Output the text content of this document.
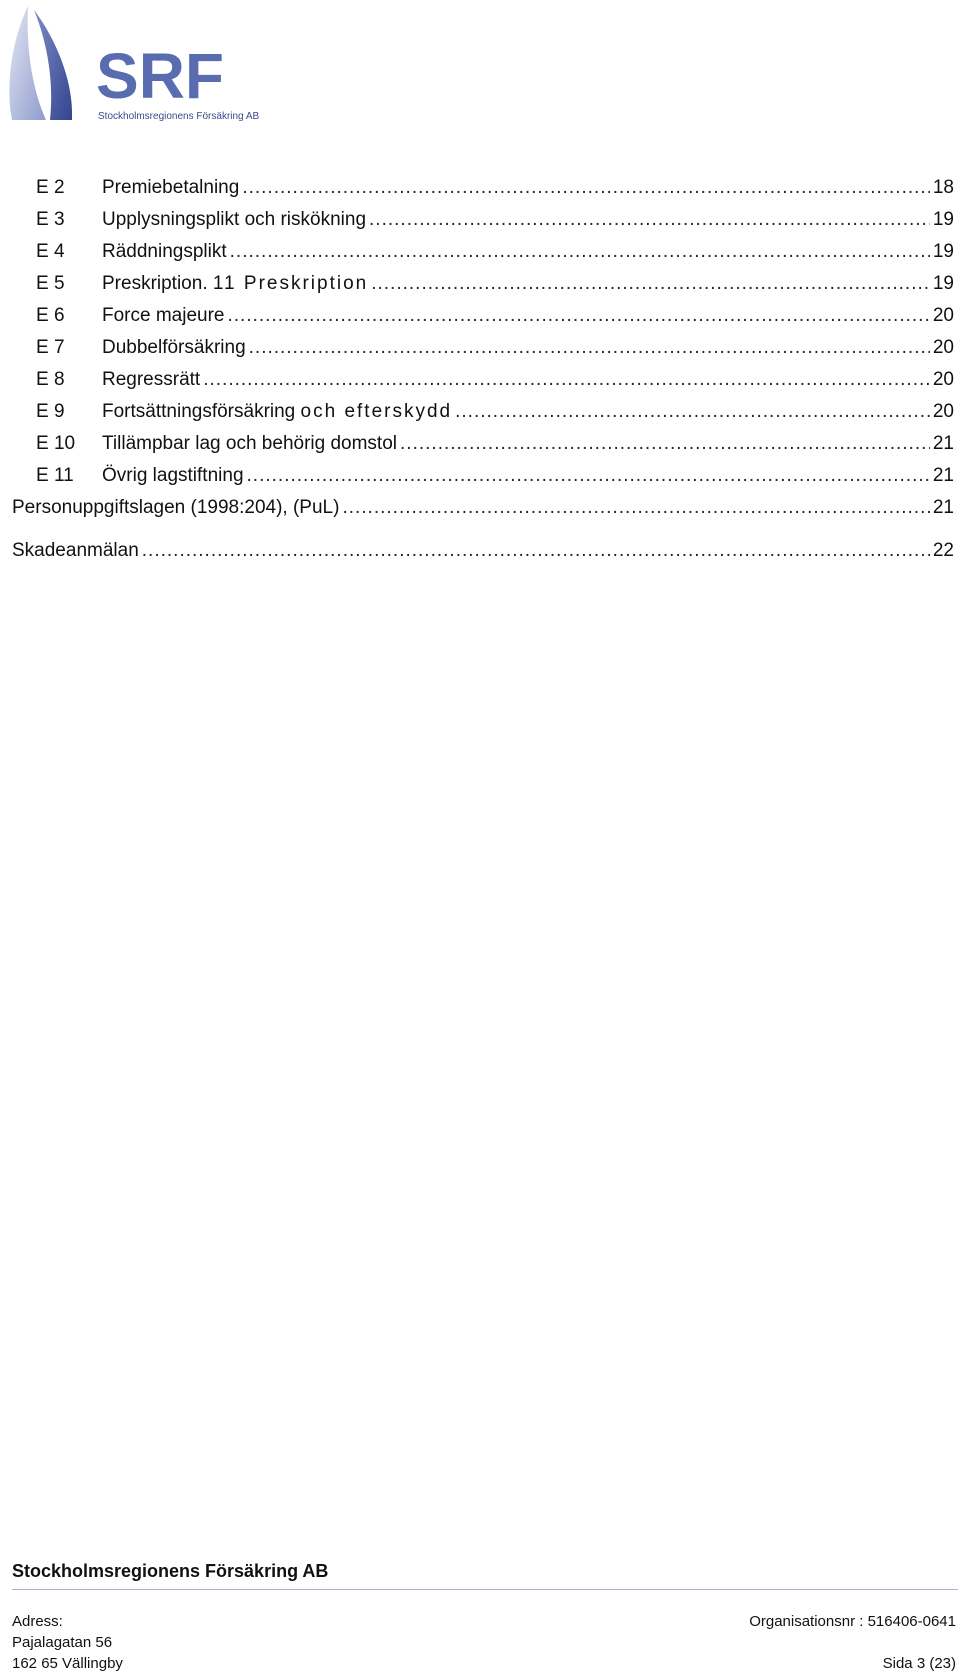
SRF
Stockholmsregionens Försäkring AB
E 2	Premiebetalning .....	18
E 3	Upplysningsplikt och riskökning .....	19
E 4	Räddningsplikt .....	19
E 5	Preskription. 11 Preskription .....	19
E 6	Force majeure .....	20
E 7	Dubbelförsäkring .....	20
E 8	Regressrätt .....	20
E 9	Fortsättningsförsäkring och efterskydd .....	20
E 10	Tillämpbar lag och behörig domstol .....	21
E 11	Övrig lagstiftning .....	21
Personuppgiftslagen (1998:204), (PuL) .....	21
Skadeanmälan .....	22
Stockholmsregionens Försäkring AB
Adress:
Pajalagatan 56
162 65 Vällingby
Organisationsnr : 516406-0641
Sida 3 (23)
